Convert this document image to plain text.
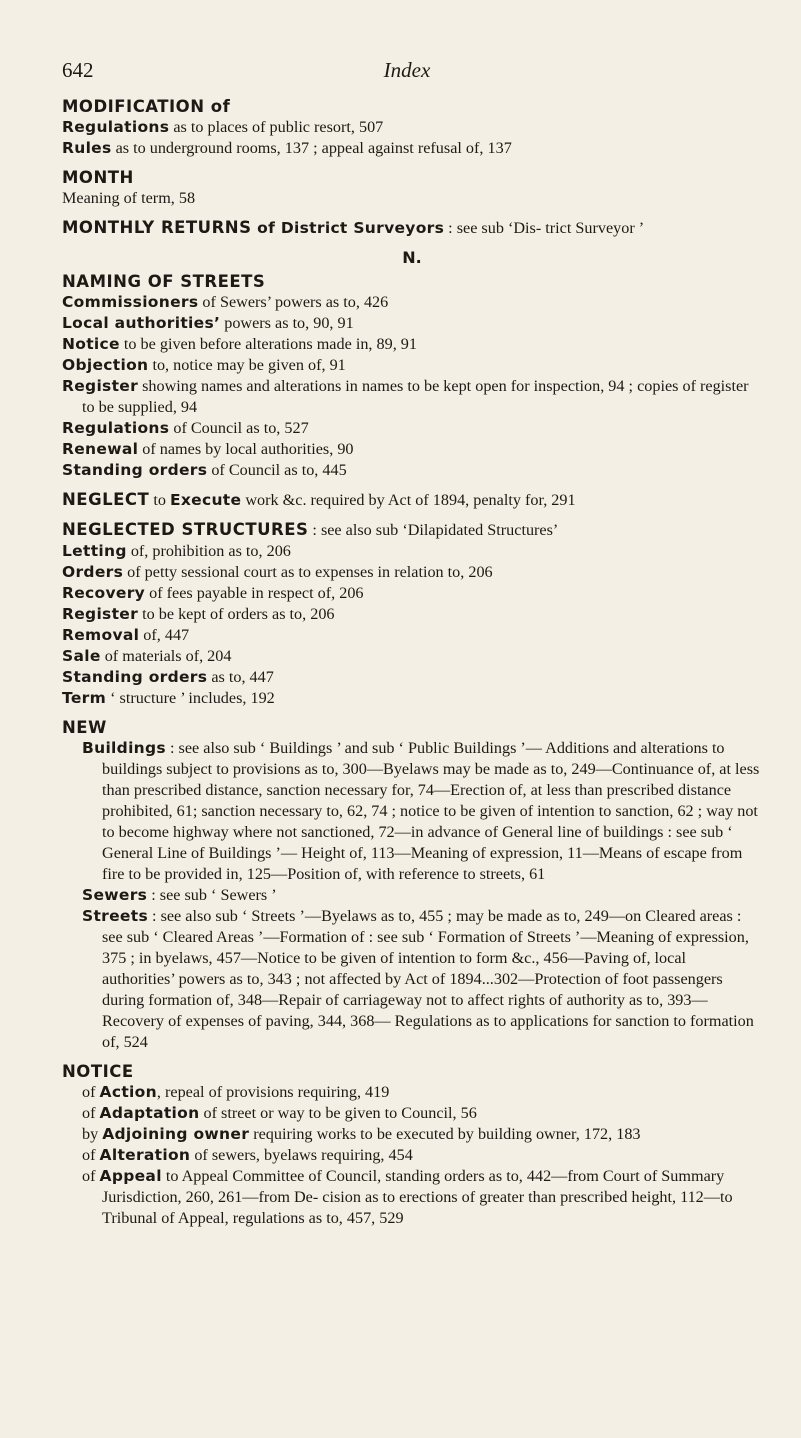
642	Index
MODIFICATION of

Regulations as to places of public resort, 507

Rules as to underground rooms, 137 ; appeal against refusal of, 137

MONTH

Meaning of term, 58

MONTHLY RETURNS of District Surveyors : see sub ‘Dis- trict Surveyor ’

N.
NAMING OF STREETS

Commissioners of Sewers’ powers as to, 426

Local authorities’ powers as to, 90, 91

Notice to be given before alterations made in, 89, 91

Objection to, notice may be given of, 91

Register showing names and alterations in names to be kept open for inspection, 94 ; copies of register to be supplied, 94

Regulations of Council as to, 527

Renewal of names by local authorities, 90

Standing orders of Council as to, 445

NEGLECT to Execute work &c. required by Act of 1894, penalty for, 291

NEGLECTED STRUCTURES : see also sub ‘Dilapidated Structures’

Letting of, prohibition as to, 206

Orders of petty sessional court as to expenses in relation to, 206

Recovery of fees payable in respect of, 206

Register to be kept of orders as to, 206

Removal of, 447

Sale of materials of, 204

Standing orders as to, 447

Term ‘ structure ’ includes, 192

NEW

Buildings : see also sub ‘ Buildings ’ and sub ‘ Public Buildings ’— Additions and alterations to buildings subject to provisions as to, 300—Byelaws may be made as to, 249—Continuance of, at less than prescribed distance, sanction necessary for, 74—Erection of, at less than prescribed distance prohibited, 61; sanction necessary to, 62, 74 ; notice to be given of intention to sanction, 62 ; way not to become highway where not sanctioned, 72—in advance of General line of buildings : see sub ‘ General Line of Buildings ’— Height of, 113—Meaning of expression, 11—Means of escape from fire to be provided in, 125—Position of, with reference to streets, 61

Sewers : see sub ‘ Sewers ’

Streets : see also sub ‘ Streets ’—Byelaws as to, 455 ; may be made as to, 249—on Cleared areas : see sub ‘ Cleared Areas ’—Formation of : see sub ‘ Formation of Streets ’—Meaning of expression, 375 ; in byelaws, 457—Notice to be given of intention to form &c., 456—Paving of, local authorities’ powers as to, 343 ; not affected by Act of 1894...302—Protection of foot passengers during formation of, 348—Repair of carriageway not to affect rights of authority as to, 393—Recovery of expenses of paving, 344, 368— Regulations as to applications for sanction to formation of, 524

NOTICE

of Action, repeal of provisions requiring, 419

of Adaptation of street or way to be given to Council, 56

by Adjoining owner requiring works to be executed by building owner, 172, 183

of Alteration of sewers, byelaws requiring, 454

of Appeal to Appeal Committee of Council, standing orders as to, 442—from Court of Summary Jurisdiction, 260, 261—from De- cision as to erections of greater than prescribed height, 112—to Tribunal of Appeal, regulations as to, 457, 529
